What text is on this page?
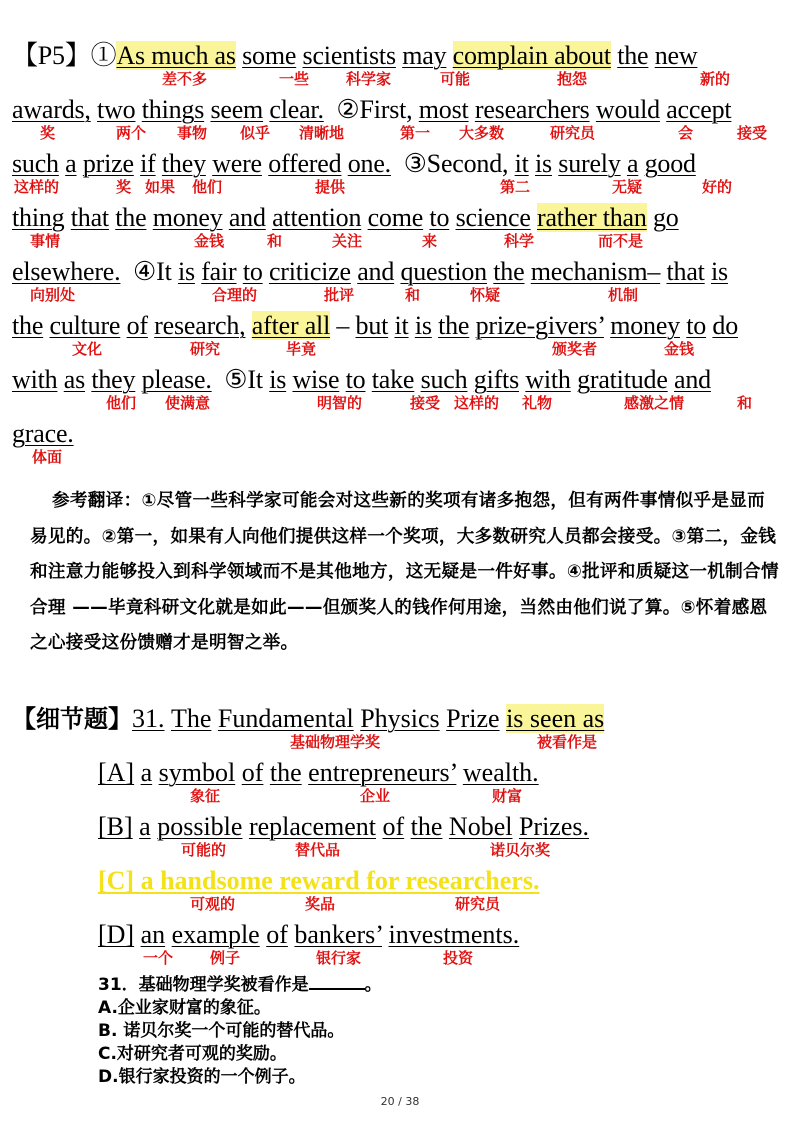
【P5】①As much as some scientists may complain about the new
差不多	一些 科学家	可能	抱怨	新的
awards, two things seem clear. ②First, most researchers would accept
奖	两个 事物 似乎 清晰地	第一 大多数	研究员	会	接受
such a prize if they were offered one. ③Second, it is surely a good
这样的	奖 如果 他们	提供	第二	无疑	好的
thing that the money and attention come to science rather than go
事情	金钱	和	关注	来	科学	而不是
elsewhere. ④It is fair to criticize and question the mechanism– that is
向别处	合理的	批评	和	怀疑	机制
the culture of research, after all – but it is the prize-givers’ money to do
文化	研究	毕竟	颁奖者	金钱
with as they please. ⑤It is wise to take such gifts with gratitude and
他们 使满意	明智的	接受 这样的 礼物	感激之情	和
grace.
体面
参考翻译：①尽管一些科学家可能会对这些新的奖项有诸多抱怨，但有两件事情似乎是显而易见的。②第一，如果有人向他们提供这样一个奖项，大多数研究人员都会接受。③第二，金钱和注意力能够投入到科学领域而不是其他地方，这无疑是一件好事。④批评和质疑这一机制合情合理 ——毕竟科研文化就是如此——但颁奖人的钱作何用途，当然由他们说了算。⑤怀着感恩之心接受这份馈赠才是明智之举。
【细节题】31. The Fundamental Physics Prize is seen as
基础物理学奖	被看作是
[A] a symbol of the entrepreneurs’ wealth.
象征	企业	财富
[B] a possible replacement of the Nobel Prizes.
可能的	替代品	诺贝尔奖
[C] a handsome reward for researchers.
可观的	奖品	研究员
[D] an example of bankers’ investments.
一个 例子	银行家	投资
31．基础物理学奖被看作是	。
A.企业家财富的象征。
B. 诺贝尔奖一个可能的替代品。
C.对研究者可观的奖励。
D.银行家投资的一个例子。
20 / 38
